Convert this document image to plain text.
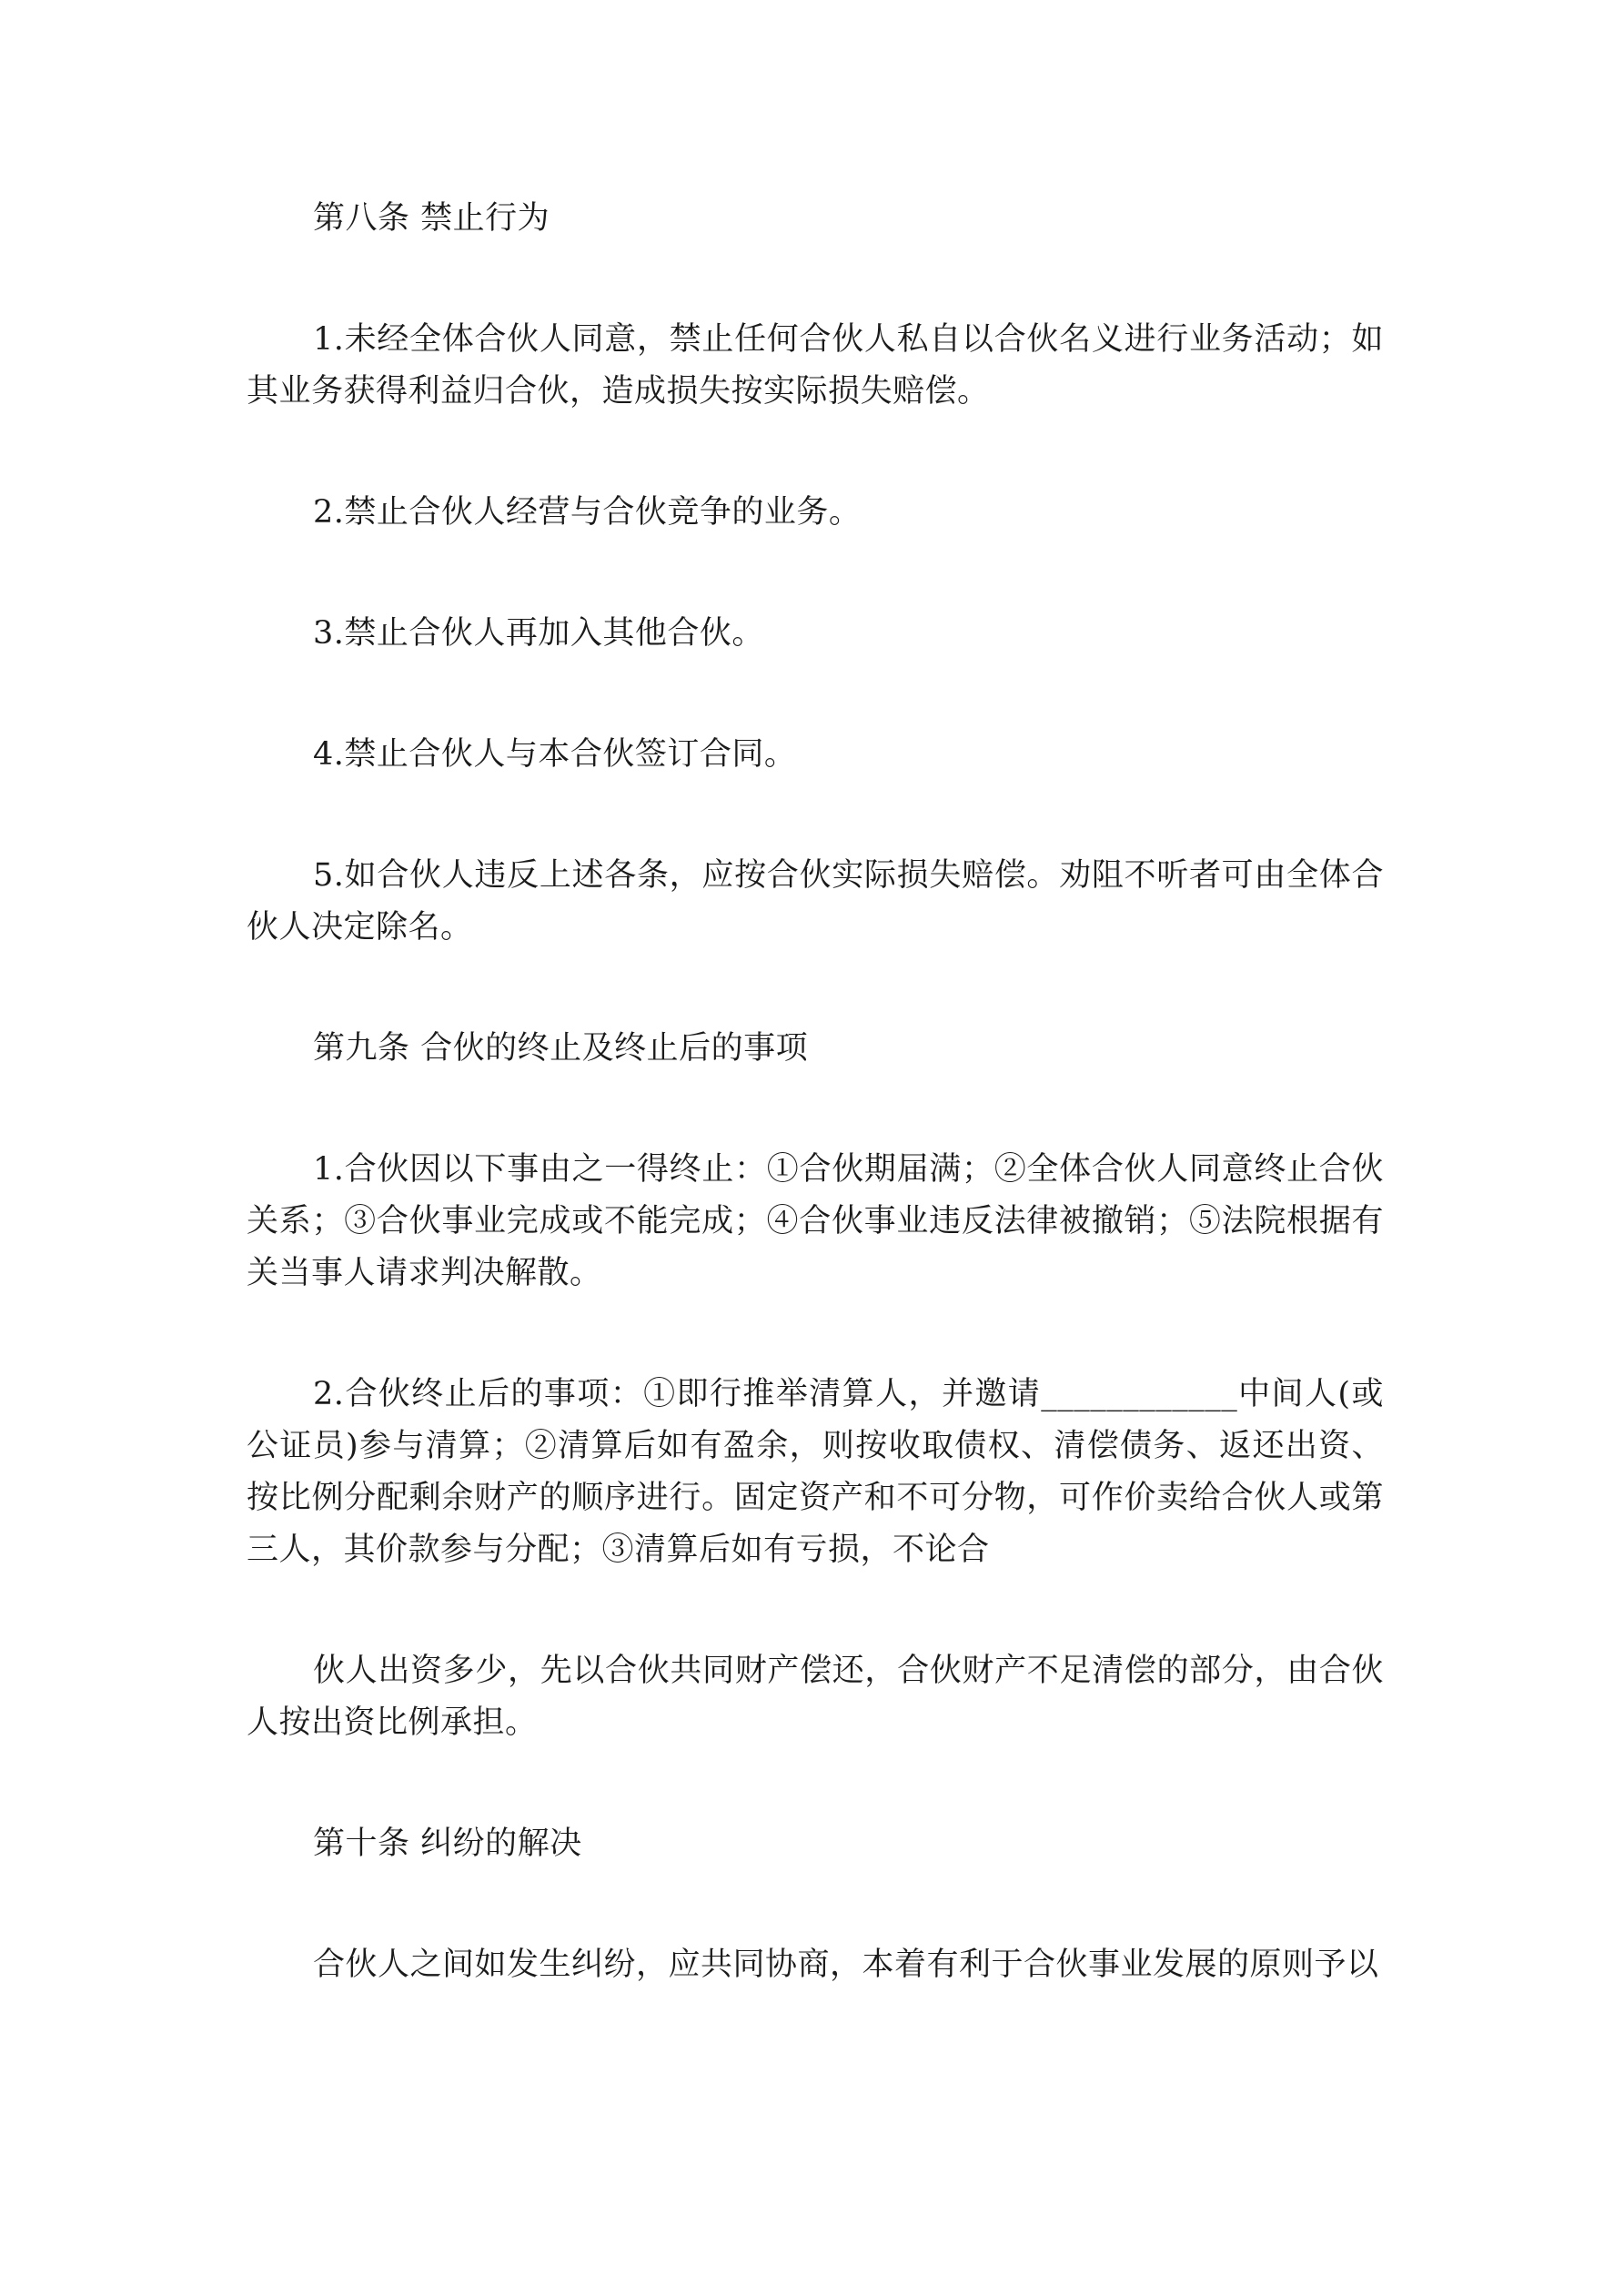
第八条 禁止行为

1.未经全体合伙人同意，禁止任何合伙人私自以合伙名义进行业务活动；如其业务获得利益归合伙，造成损失按实际损失赔偿。

2.禁止合伙人经营与合伙竞争的业务。

3.禁止合伙人再加入其他合伙。

4.禁止合伙人与本合伙签订合同。

5.如合伙人违反上述各条，应按合伙实际损失赔偿。劝阻不听者可由全体合伙人决定除名。

第九条 合伙的终止及终止后的事项

1.合伙因以下事由之一得终止：①合伙期届满；②全体合伙人同意终止合伙关系；③合伙事业完成或不能完成；④合伙事业违反法律被撤销；⑤法院根据有关当事人请求判决解散。

2.合伙终止后的事项：①即行推举清算人，并邀请____________中间人(或公证员)参与清算；②清算后如有盈余，则按收取债权、清偿债务、返还出资、按比例分配剩余财产的顺序进行。固定资产和不可分物，可作价卖给合伙人或第三人，其价款参与分配；③清算后如有亏损，不论合

伙人出资多少，先以合伙共同财产偿还，合伙财产不足清偿的部分，由合伙人按出资比例承担。

第十条 纠纷的解决

合伙人之间如发生纠纷，应共同协商，本着有利于合伙事业发展的原则予以
